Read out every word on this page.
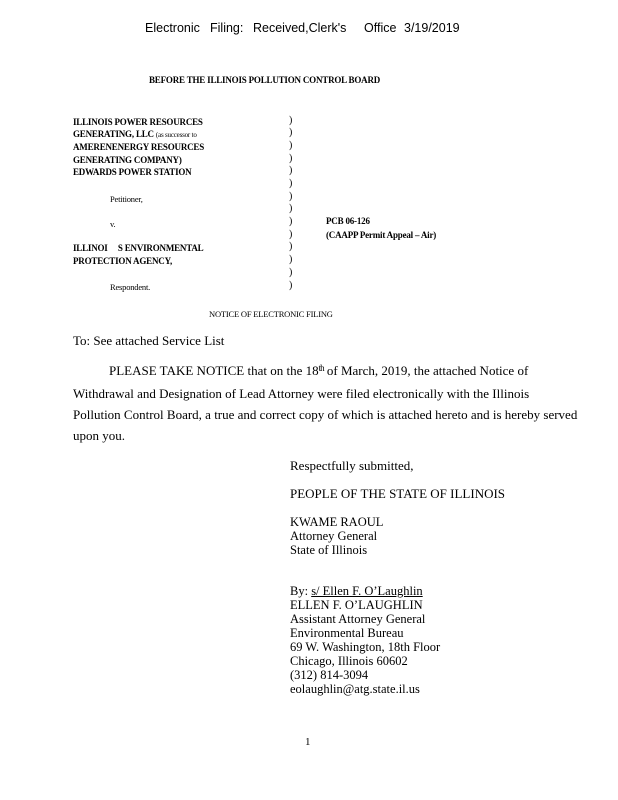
Electronic Filing: Received,Clerk's Office 3/19/2019
BEFORE THE ILLINOIS POLLUTION CONTROL BOARD
ILLINOIS POWER RESOURCES
GENERATING, LLC (as successor to
AMERENENERGY RESOURCES
GENERATING COMPANY)
EDWARDS POWER STATION
Petitioner,
v.
ILLINOI     S ENVIRONMENTAL
PROTECTION AGENCY,
Respondent.
)
)
)
)
)
)
)
)
)
)
)
)
)
)
PCB 06-126
(CAAPP Permit Appeal – Air)
NOTICE OF ELECTRONIC FILING
To: See attached Service List
PLEASE TAKE NOTICE that on the 18th of March, 2019, the attached Notice of
Withdrawal and Designation of Lead Attorney were filed electronically with the Illinois
Pollution Control Board, a true and correct copy of which is attached hereto and is hereby served
upon you.
Respectfully submitted,
PEOPLE OF THE STATE OF ILLINOIS
KWAME RAOUL
Attorney General
State of Illinois
By: s/ Ellen F. O’Laughlin
ELLEN F. O’LAUGHLIN
Assistant Attorney General
Environmental Bureau
69 W. Washington, 18th Floor
Chicago, Illinois 60602
(312) 814-3094
eolaughlin@atg.state.il.us
1
